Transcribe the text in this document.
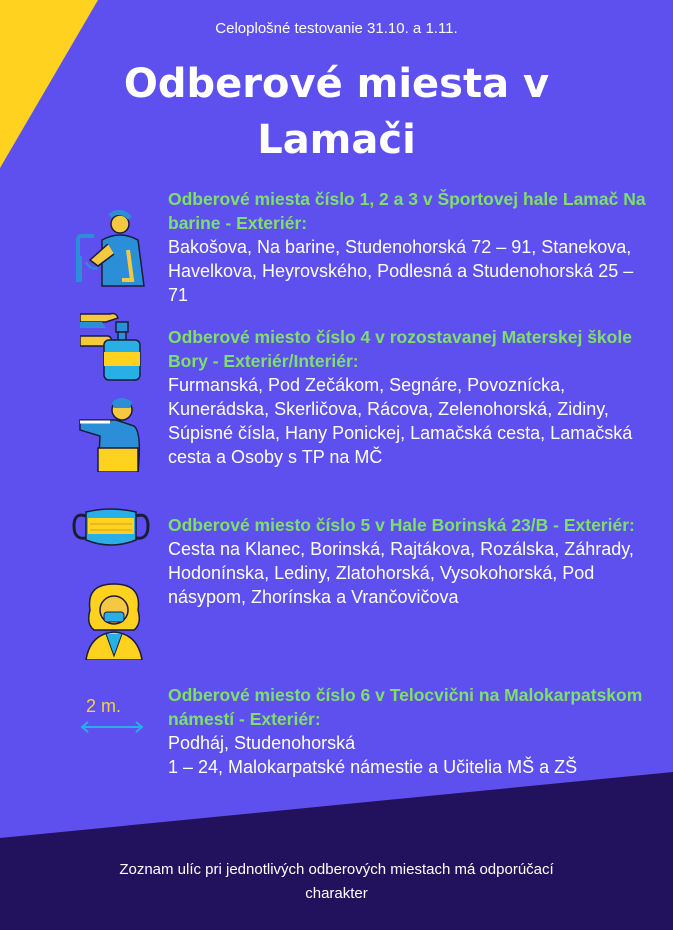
Celoplošné testovanie 31.10. a 1.11.
Odberové miesta v Lamači
2 m.
Odberové miesta číslo 1, 2 a 3 v Športovej hale Lamač Na barine - Exteriér:
Bakošova, Na barine, Studenohorská 72 – 91, Stanekova, Havelkova, Heyrovského, Podlesná a Studenohorská 25 – 71
Odberové miesto číslo 4 v rozostavanej Materskej škole Bory - Exteriér/Interiér:
Furmanská, Pod Zečákom, Segnáre, Povoznícka, Kunerádska, Skerličova, Rácova, Zelenohorská, Zidiny, Súpisné čísla, Hany Ponickej, Lamačská cesta, Lamačská cesta a Osoby s TP na MČ
Odberové miesto číslo 5 v Hale Borinská 23/B - Exteriér:
Cesta na Klanec, Borinská, Rajtákova, Rozálska, Záhrady, Hodonínska, Lediny, Zlatohorská, Vysokohorská, Pod násypom, Zhorínska a Vrančovičova
Odberové miesto číslo 6 v Telocvični na Malokarpatskom námestí - Exteriér:
Podháj, Studenohorská
1 – 24, Malokarpatské námestie a Učitelia MŠ a ZŠ
Zoznam ulíc pri jednotlivých odberových miestach má odporúčací charakter
